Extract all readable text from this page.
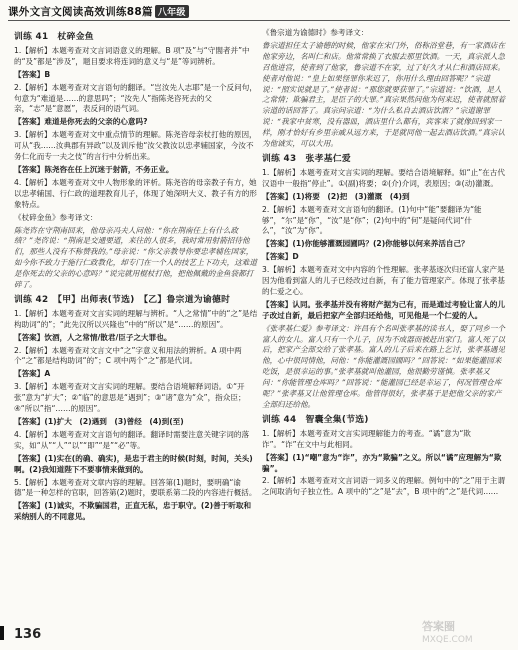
课外文言文阅读高效训练88篇 八年级
训练 41　杖碎金鱼
1.【解析】本题考查对文言词语意义的理解。B 项“及”与“守閤者并”中的“及”都是“涉及”，题目要求将连词的意义与“是”等词辨析。
【答案】B
2.【解析】本题考查对文言语句的翻译。“岂汝先人志耶”是一个反问句，句意为“难道是……的意思吗”；“汝先人”指陈尧咨死去的父亲，“志”是“意愿”，表反问的语气词。
【答案】难道是你死去的父亲的心意吗?
3.【解析】本题考查对文中重点情节的理解。陈尧咨母亲杖打他的原因，可从“我……汝典郡有异政”以及训斥他“汝父教汝以忠孝辅国家，今汝不务仁化而专一夫之伎”的言行中分析出来。
【答案】陈尧咨在任上沉迷于射箭，不务正业。
4.【解析】本题考查对文中人物形象的评析。陈尧咨的母亲教子有方，她以忠孝辅国、行仁政的道理教育儿子，体现了她深明大义、教子有方的形象特点。
《杖碎金鱼》参考译文：
陈尧咨在守荆南回来，他母亲冯夫人问他：“你在荆南任上有什么政绩？”尧咨说：“荆南是交通要道，来往的人很多，我时常用射箭招待他们，那些人没有不称赞我的。”母亲说：“你父亲教导你要忠孝辅佐国家，如今你不致力于施行仁政教化，却专门在一个人的技艺上下功夫，这难道是你死去的父亲的心意吗？”说完就用棍杖打他，把他佩戴的金鱼袋都打碎了。
训练 42　【甲】出师表(节选)　【乙】鲁宗道为谕德时
1.【解析】本题考查对文言实词的理解与辨析。“人之常情”中的“之”是结构助词“的”；“此先汉所以兴隆也”中的“所以”是“……的原因”。
【答案】饮酒，人之常情/散君/臣子之大罪也。
2.【解析】本题考查对文言文中“之”字意义和用法的辨析。A 项中两个“之”都是结构助词“的”；C 项中两个“之”都是代词。
【答案】A
3.【解析】本题考查对文言实词的理解。要结合语境解释词语。①“开张”意为“扩大”；②“临”的意思是“遇到”；③“诸”意为“众”，指众臣；④“所以”指“……的原因”。
【答案】(1)扩大　(2)遇到　(3)曾经　(4)到(至)
4.【解析】本题考查对文言语句的翻译。翻译时需要注意关键字词的落实，如“从”“人”“以”“即”“是”“必”等。
【答案】(1)实在(的确、确实)，是忠于君主的时候(时刻，时间，关头)啊。(2)我知道陛下不要事情来做到的。
5.【解析】本题考查对文章内容的理解。回答第(1)题时，要明确“谕德”是一种怎样的官职，回答第(2)题时，要联系第二段的内容进行概括。
【答案】(1)诚实，不欺骗国君，正直无私，忠于职守。(2)善于听取和采纳别人的不同意见。
《鲁宗道为谕德时》参考译文：
鲁宗道担任太子谕德的时候，他家在宋门外，俗称浴堂巷，有一家酒店在他家旁边，名叫仁和店。他常常换了衣服去那里饮酒。一天，真宗派人急召他进宫，使者到了他家，鲁宗道不在家，过了好久才从仁和酒店回来。使者对他说：“皇上如果怪罪你来迟了，你用什么理由回答呢？”宗道说：“照实说就是了。”使者说：“那您就要获罪了。”宗道说：“饮酒，是人之常情；欺骗君主，是臣子的大罪。”真宗果然问他为何来迟，使者就照着宗道的话回答了。真宗问宗道：“为什么私自去酒店饮酒？”宗道谢罪说：“我家中贫寒，没有器皿，酒店里什么都有，宾客来了就像回到家一样，刚才恰好有乡里亲戚从远方来，于是就同他一起去酒店饮酒。”真宗认为他诚实，可以大用。
训练 43　张孝基仁爱
1.【解析】本题考查对文言实词的理解。要结合语境解释。如“止”在古代汉语中一般指“停止”。①(副)将要；②(介)介词，表原因；③(动)灌溉。
【答案】(1)将要　(2)把　(3)灌溉　(4)到
2.【解析】本题考查对文言语句的翻译。(1)句中“能”要翻译为“能够”，“尔”是“你”，“汝”是“你”；(2)句中的“何”是疑问代词“什么”，“汝”为“你”。
【答案】(1)你能够灌溉园圃吗？(2)你能够以何来养活自己？
【答案】D
3.【解析】本题考查对文中内容的个性理解。张孝基逐次归还富人家产是因为他看到富人的儿子已经改过自新，有了能力管理家产。体现了张孝基的仁爱之心。
【答案】认同。张孝基并没有将财产据为己有，而是通过考验让富人的儿子改过自新，最后把家产全部归还给他，可见他是一个仁爱的人。
《张孝基仁爱》参考译文：许昌有个名叫张孝基的读书人，娶了同乡一个富人的女儿。富人只有一个儿子，因为不成器而被赶出家门。富人死了以后，把家产全部交给了张孝基。富人的儿子后来在路上乞讨，张孝基遇见他，心中很同情他，问他：“你能灌溉园圃吗？”回答说：“如果能灌园来吃饭，是很幸运的事。”张孝基就叫他灌园，他很勤劳谨慎。张孝基又问：“你能管理仓库吗？”回答说：“能灌园已经是幸运了，何况管理仓库呢？”张孝基又让他管理仓库。他管得很好，张孝基于是把他父亲的家产全部归还给他。
训练 44　智囊全集(节选)
1.【解析】本题考查对文言实词理解能力的考查。“谲”意为“欺诈”。“诈”在文中与此相同。
【答案】(1)“嘲”意为“诈”，亦为“欺骗”之义。所以“谲”应理解为“欺骗”。
2.【解析】本题考查对文言词语一词多义的理解。例句中的“之”用于主谓之间取消句子独立性。A 项中的“之”是“去”，B 项中的“之”是代词……
136
答案圈
MXQE.COM
